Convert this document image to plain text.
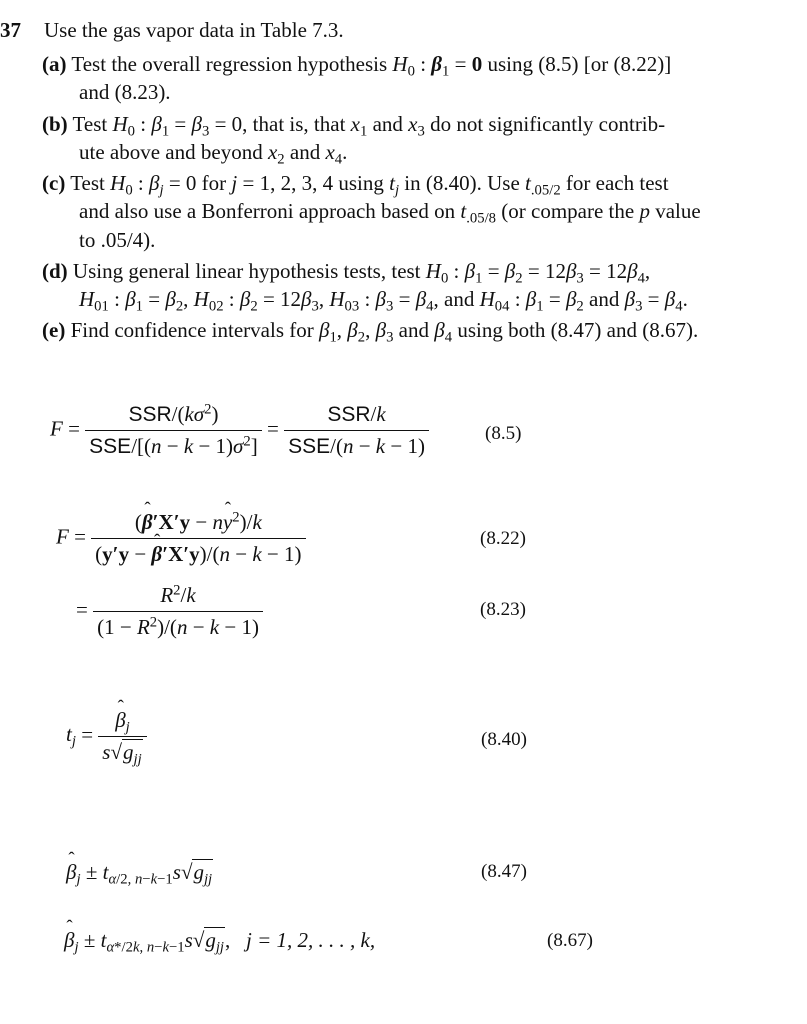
37 Use the gas vapor data in Table 7.3.
(a) Test the overall regression hypothesis $H_0$ : $\beta_1 = 0$ using (8.5) [or (8.22)]
and (8.23).
(b) Test $H_0$ : $\beta_1 = \beta_3 = 0$, that is, that $x_1$ and $x_3$ do not significantly contrib-
ute above and beyond $x_2$ and $x_4$.
(c) Test $H_0$ : $\beta_j = 0$ for j = 1, 2, 3, 4 using $t_j$ in (8.40). Use $t_{.05/2}$ for each test
and also use a Bonferroni approach based on $t_{.05/8}$ (or compare the p value
to .05/4).
(d) Using general linear hypothesis tests, test $H_0$ : $\beta_1 = \beta_2 = 12\beta_3 = 12\beta_4$,
$H_{01}$ : $\beta_1 = \beta_2$, $H_{02}$ : $\beta_2 = 12\beta_3$, $H_{03}$ : $\beta_3 = \beta_4$, and $H_{04}$ : $\beta_1 = \beta_2$ and $\beta_3 = \beta_4$.
(e) Find confidence intervals for $\beta_1$, $\beta_2$, $\beta_3$ and $\beta_4$ using both (8.47) and (8.67).
$F = \frac{SSR/(k\sigma^2)}{SSE/[(n - k - 1)\sigma^2]} = \frac{\text{SSR/k}}{\text{SSE/(n − k − 1)}}$	(8.5)
$F = \frac{(ˆ \beta'X'y - nˆ y^2)/k}{\text{(y′y − ˆ β′X′y)/(n − k − 1)}}$	(8.22)
= $\frac{R^2/k}{(1 - R^2)/(n - k - 1)}$	(8.23)
$t_j$ =
ˆ $\frac{\beta_j}{s√g_{jj}}$	(8.40)
ˆ $\beta_j \pm t_{\alpha/2, n-k-1}s√g_{jj}$	(8.47)
ˆ $\beta_j \pm t_{\alpha*/2k, n-k-1}s√g_{jj}$,   j = 1, 2, . . . , k,	(8.67)
